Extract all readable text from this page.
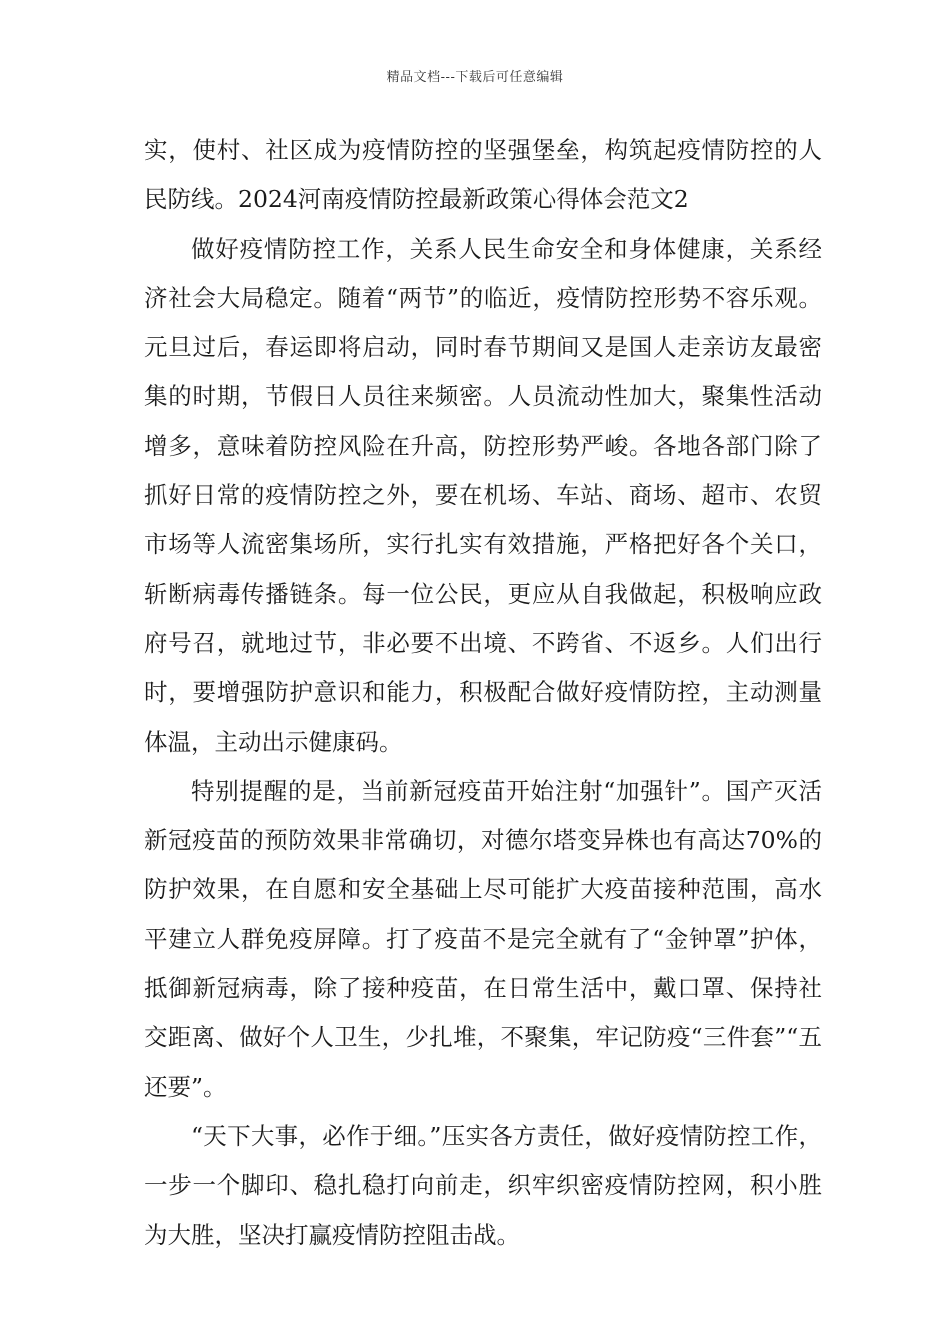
精品文档---下载后可任意编辑

实，使村、社区成为疫情防控的坚强堡垒，构筑起疫情防控的人民防线。2024河南疫情防控最新政策心得体会范文2

做好疫情防控工作，关系人民生命安全和身体健康，关系经济社会大局稳定。随着“两节”的临近，疫情防控形势不容乐观。元旦过后，春运即将启动，同时春节期间又是国人走亲访友最密集的时期，节假日人员往来频密。人员流动性加大，聚集性活动增多，意味着防控风险在升高，防控形势严峻。各地各部门除了抓好日常的疫情防控之外，要在机场、车站、商场、超市、农贸市场等人流密集场所，实行扎实有效措施，严格把好各个关口，斩断病毒传播链条。每一位公民，更应从自我做起，积极响应政府号召，就地过节，非必要不出境、不跨省、不返乡。人们出行时，要增强防护意识和能力，积极配合做好疫情防控，主动测量体温，主动出示健康码。

特别提醒的是，当前新冠疫苗开始注射“加强针”。国产灭活新冠疫苗的预防效果非常确切，对德尔塔变异株也有高达70%的防护效果，在自愿和安全基础上尽可能扩大疫苗接种范围，高水平建立人群免疫屏障。打了疫苗不是完全就有了“金钟罩”护体，抵御新冠病毒，除了接种疫苗，在日常生活中，戴口罩、保持社交距离、做好个人卫生，少扎堆，不聚集，牢记防疫“三件套”“五还要”。

“天下大事，必作于细。”压实各方责任，做好疫情防控工作，一步一个脚印、稳扎稳打向前走，织牢织密疫情防控网，积小胜为大胜，坚决打赢疫情防控阻击战。
